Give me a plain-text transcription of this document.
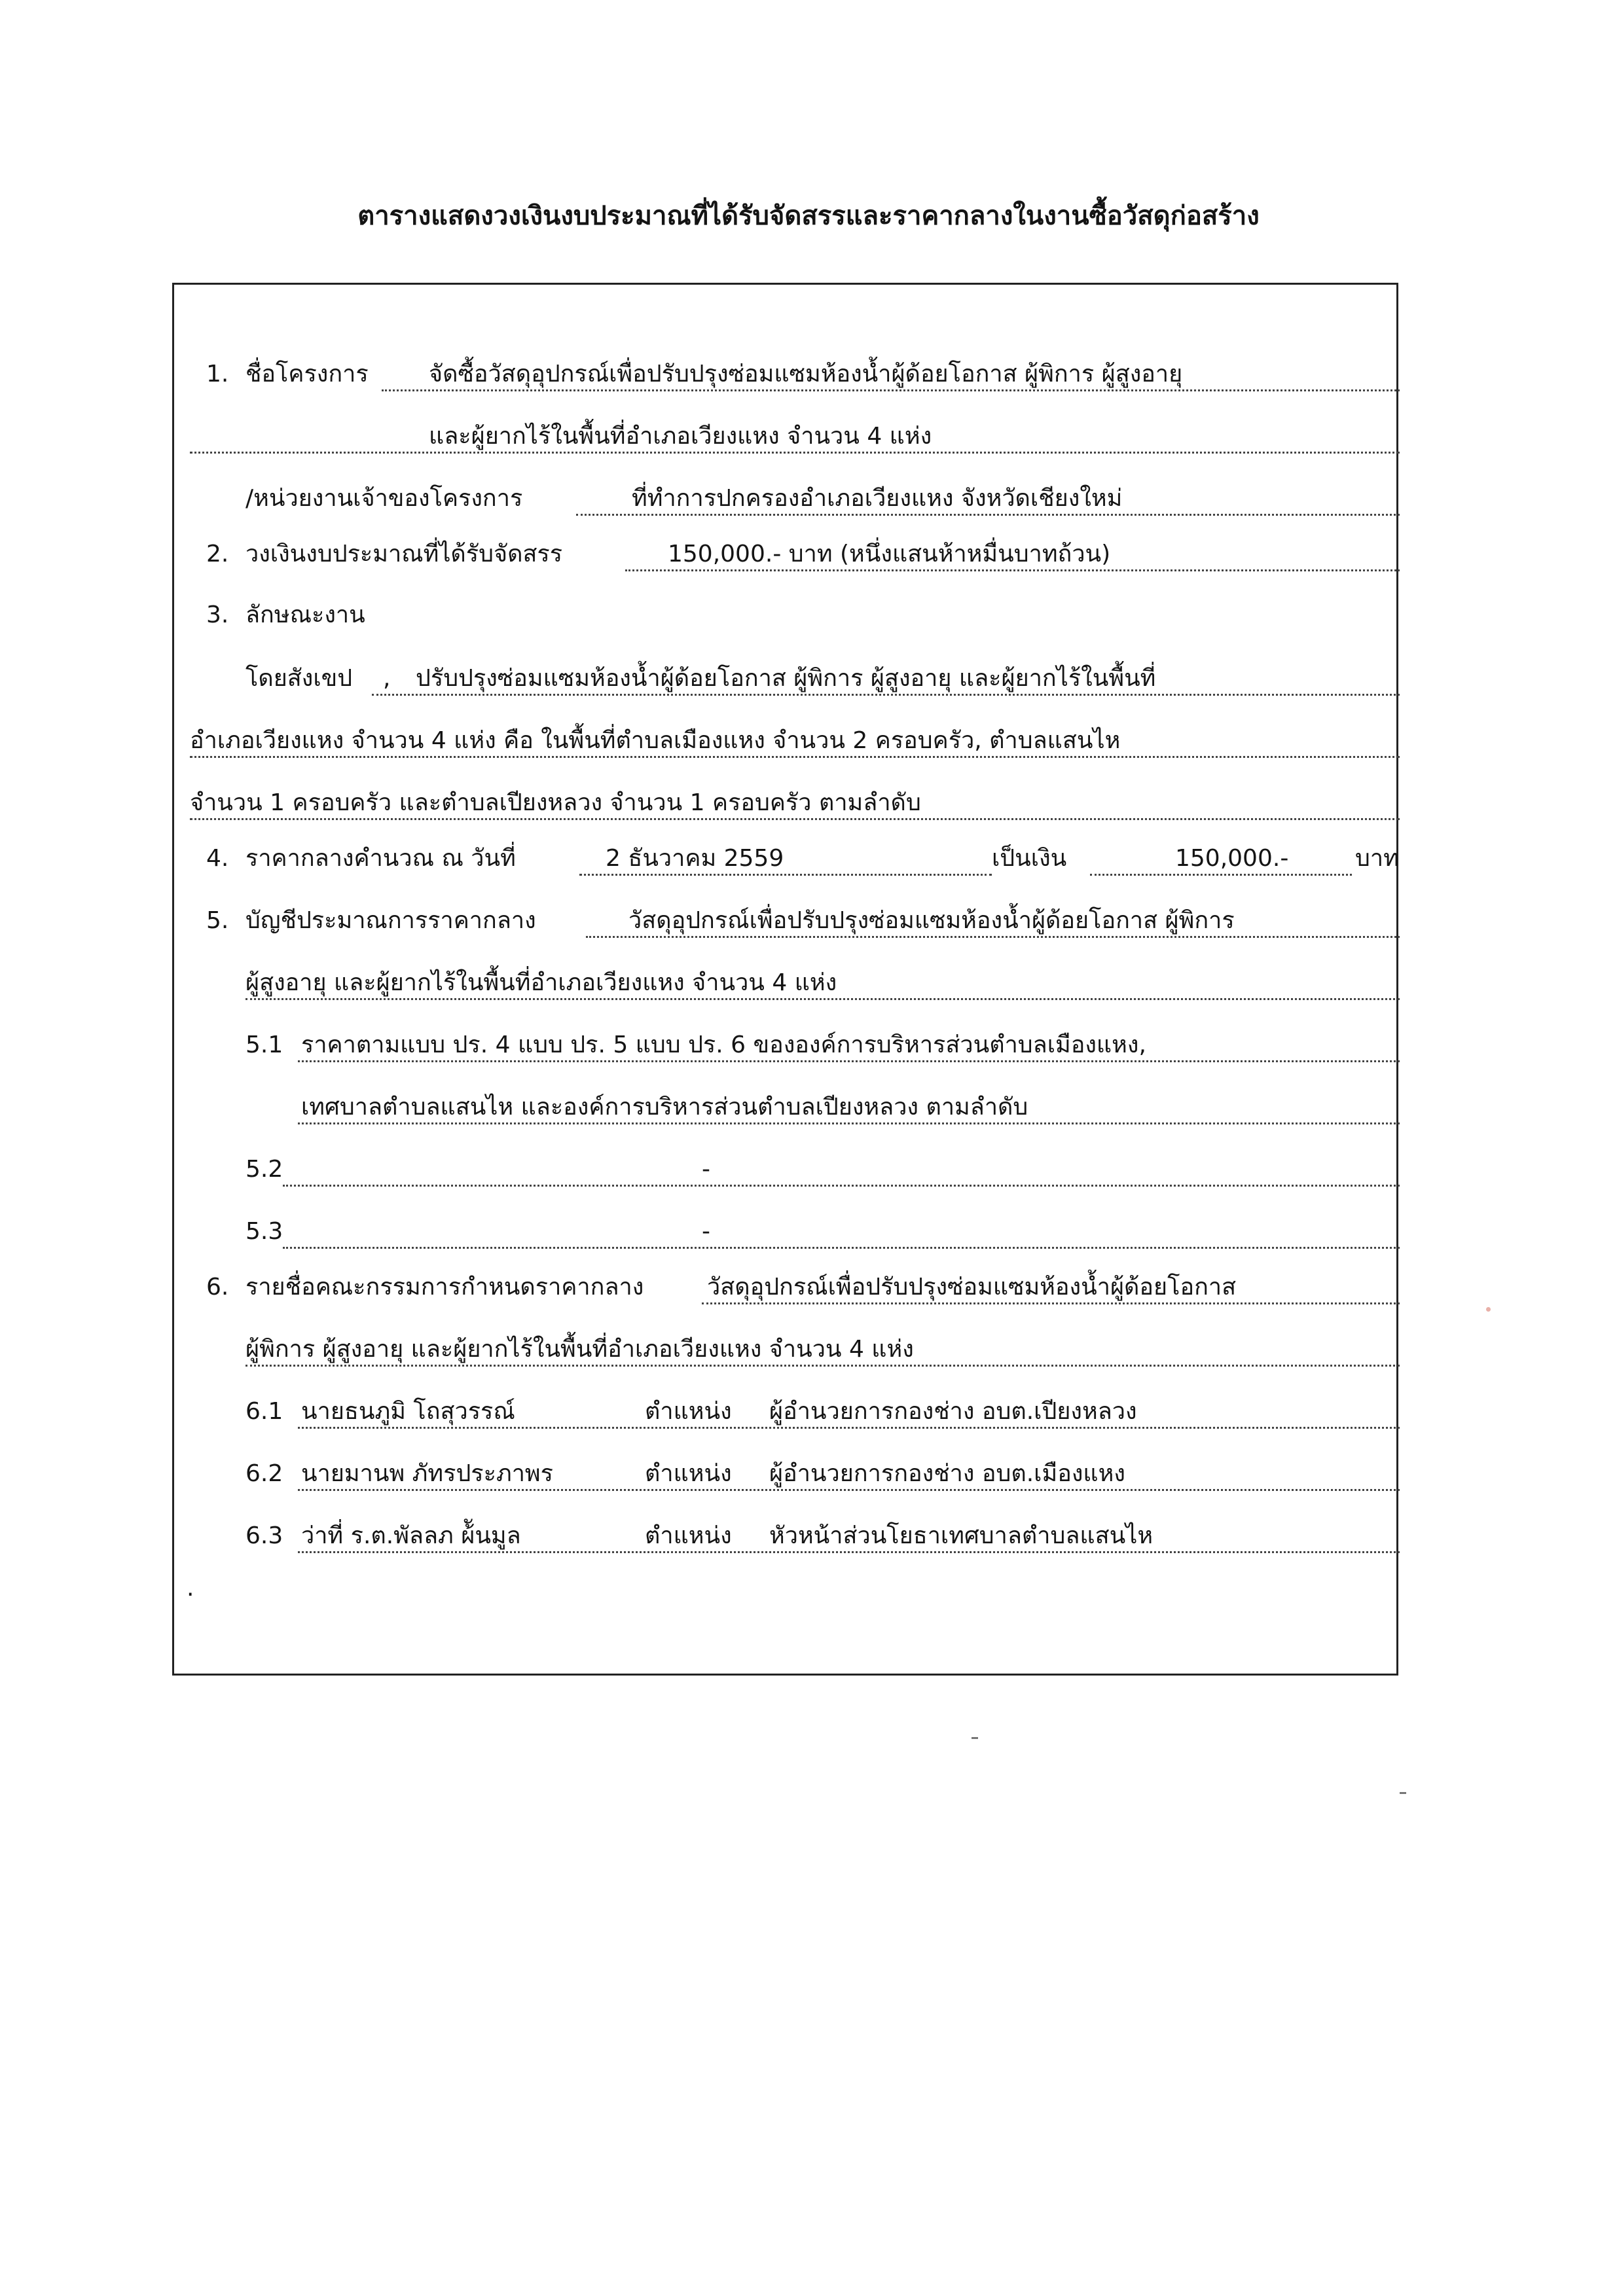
ตารางแสดงวงเงินงบประมาณที่ได้รับจัดสรรและราคากลางในงานซื้อวัสดุก่อสร้าง
1. ชื่อโครงการ	จัดซื้อวัสดุอุปกรณ์เพื่อปรับปรุงซ่อมแซมห้องน้ำผู้ด้อยโอกาส ผู้พิการ ผู้สูงอายุ
และผู้ยากไร้ในพื้นที่อำเภอเวียงแหง จำนวน 4 แห่ง
/หน่วยงานเจ้าของโครงการ	ที่ทำการปกครองอำเภอเวียงแหง จังหวัดเชียงใหม่
2. วงเงินงบประมาณที่ได้รับจัดสรร	150,000.- บาท (หนึ่งแสนห้าหมื่นบาทถ้วน)
3. ลักษณะงาน
โดยสังเขป , ปรับปรุงซ่อมแซมห้องน้ำผู้ด้อยโอกาส ผู้พิการ ผู้สูงอายุ และผู้ยากไร้ในพื้นที่
อำเภอเวียงแหง จำนวน 4 แห่ง คือ ในพื้นที่ตำบลเมืองแหง จำนวน 2 ครอบครัว, ตำบลแสนไห
จำนวน 1 ครอบครัว และตำบลเปียงหลวง จำนวน 1 ครอบครัว ตามลำดับ
4. ราคากลางคำนวณ ณ วันที่	2 ธันวาคม 2559	เป็นเงิน	150,000.-	บาท
5. บัญชีประมาณการราคากลาง	วัสดุอุปกรณ์เพื่อปรับปรุงซ่อมแซมห้องน้ำผู้ด้อยโอกาส ผู้พิการ
ผู้สูงอายุ และผู้ยากไร้ในพื้นที่อำเภอเวียงแหง จำนวน 4 แห่ง
5.1 ราคาตามแบบ ปร. 4 แบบ ปร. 5 แบบ ปร. 6 ขององค์การบริหารส่วนตำบลเมืองแหง,
เทศบาลตำบลแสนไห และองค์การบริหารส่วนตำบลเปียงหลวง ตามลำดับ
5.2	-
5.3	-
6. รายชื่อคณะกรรมการกำหนดราคากลาง	วัสดุอุปกรณ์เพื่อปรับปรุงซ่อมแซมห้องน้ำผู้ด้อยโอกาส
ผู้พิการ ผู้สูงอายุ และผู้ยากไร้ในพื้นที่อำเภอเวียงแหง จำนวน 4 แห่ง
6.1 นายธนภูมิ โถสุวรรณ์	ตำแหน่ง ผู้อำนวยการกองช่าง อบต.เปียงหลวง
6.2 นายมานพ ภัทรประภาพร	ตำแหน่ง ผู้อำนวยการกองช่าง อบต.เมืองแหง
6.3 ว่าที่ ร.ต.พัลลภ ผ้ันมูล	ตำแหน่ง หัวหน้าส่วนโยธาเทศบาลตำบลแสนไห
.
